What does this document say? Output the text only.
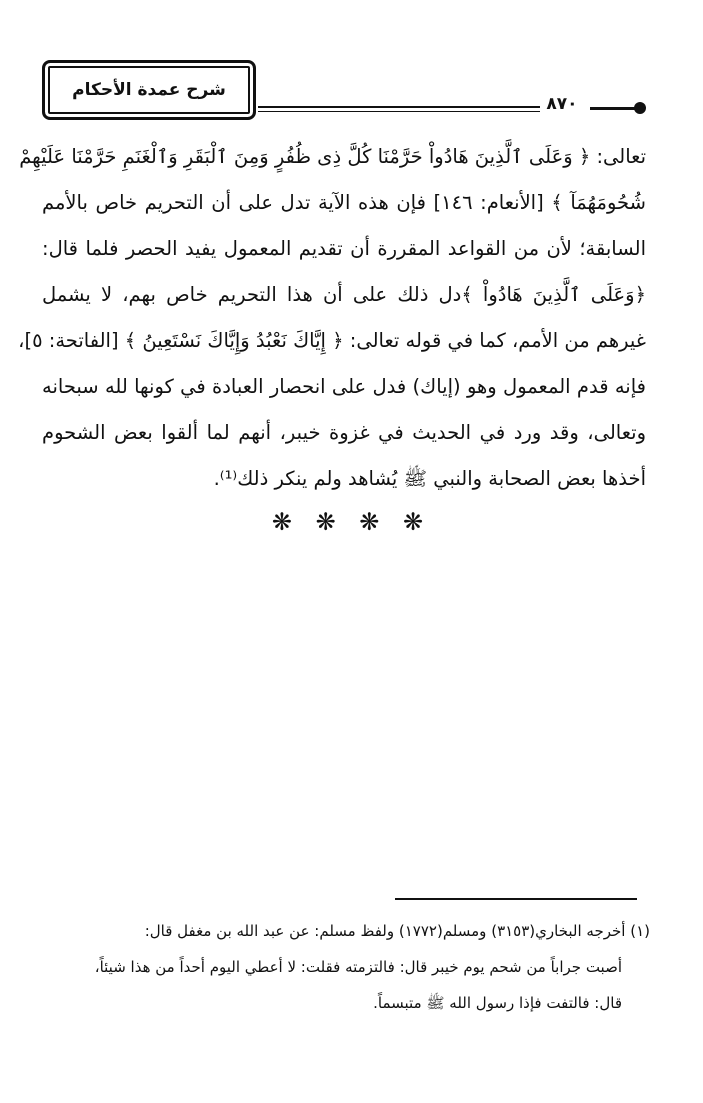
شرح عمدة الأحكام
٨٧٠
تعالى: ﴿ وَعَلَى ٱلَّذِينَ هَادُواْ حَرَّمْنَا كُلَّ ذِى ظُفُرٍ وَمِنَ ٱلْبَقَرِ وَٱلْغَنَمِ حَرَّمْنَا عَلَيْهِمْ
شُحُومَهُمَآ ﴾ [الأنعام: ١٤٦] فإن هذه الآية تدل على أن التحريم خاص بالأمم
السابقة؛ لأن من القواعد المقررة أن تقديم المعمول يفيد الحصر فلما قال:
﴿وَعَلَى ٱلَّذِينَ هَادُواْ ﴾دل ذلك على أن هذا التحريم خاص بهم، لا يشمل
غيرهم من الأمم، كما في قوله تعالى: ﴿ إِيَّاكَ نَعْبُدُ وَإِيَّاكَ نَسْتَعِينُ ﴾ [الفاتحة: ٥]،
فإنه قدم المعمول وهو (إياك) فدل على انحصار العبادة في كونها لله سبحانه
وتعالى، وقد ورد في الحديث في غزوة خيبر، أنهم لما ألقوا بعض الشحوم
أخذها بعض الصحابة والنبي ﷺ يُشاهد ولم ينكر ذلك⁽¹⁾.
❋ ❋ ❋ ❋
(١) أخرجه البخاري(٣١٥٣) ومسلم(١٧٧٢) ولفظ مسلم: عن عبد الله بن مغفل قال:
أصبت جراباً من شحم يوم خيبر قال: فالتزمته فقلت: لا أعطي اليوم أحداً من هذا شيئاً،
قال: فالتفت فإذا رسول الله ﷺ متبسماً.
